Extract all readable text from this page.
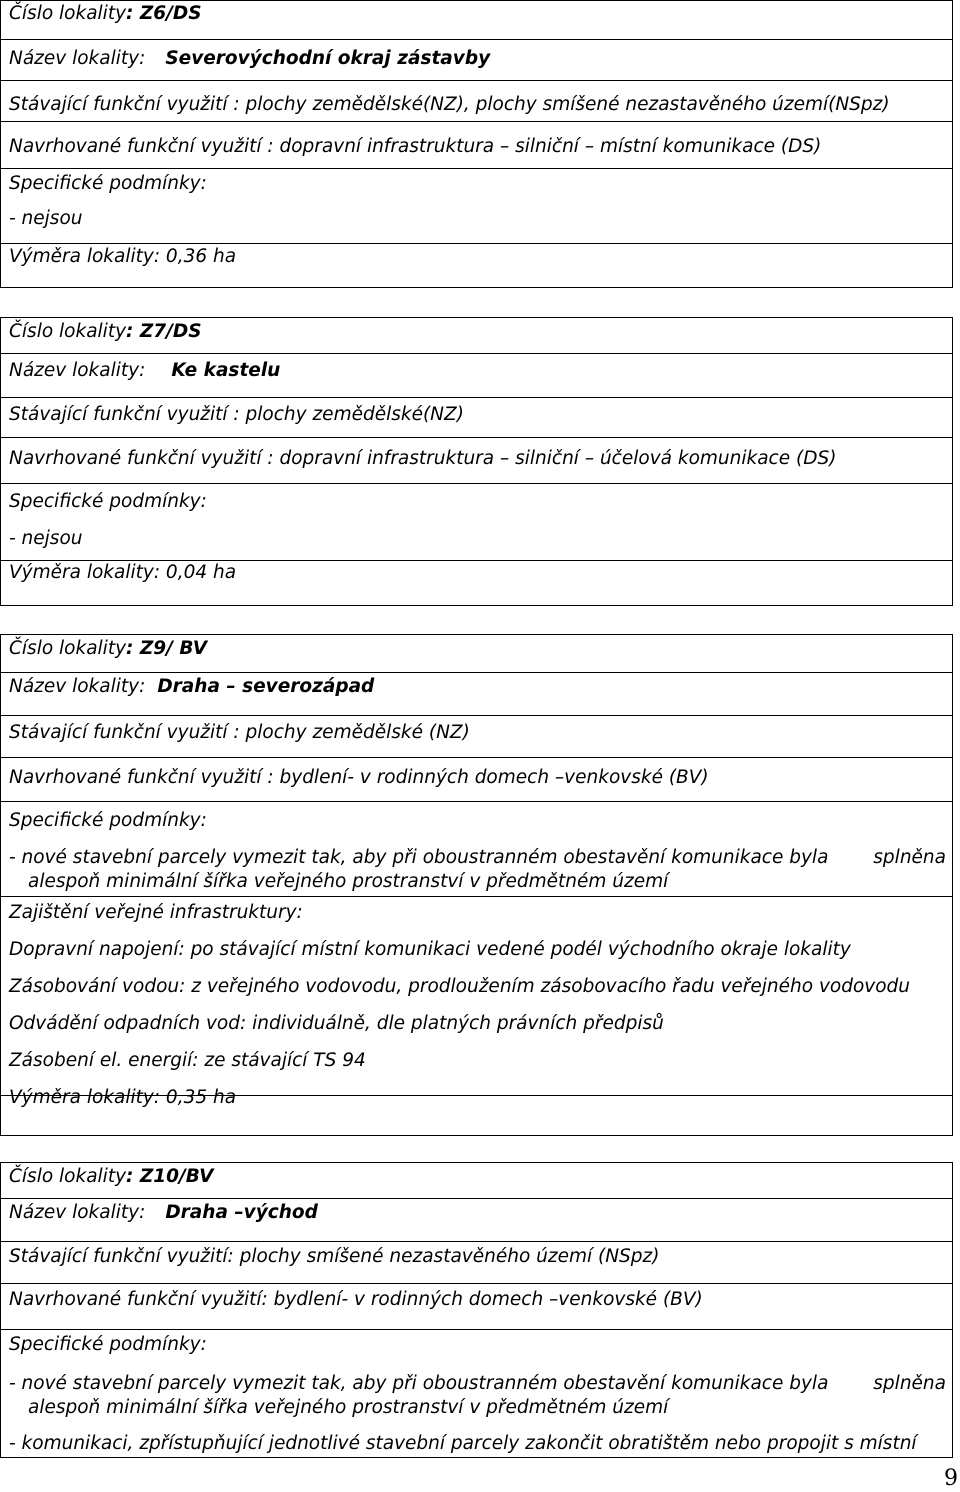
Číslo lokality: Z6/DS
Název lokality: Severovýchodní okraj zástavby
Stávající funkční využití : plochy zemědělské(NZ), plochy smíšené nezastavěného území(NSpz)
Navrhované funkční využití : dopravní infrastruktura – silniční – místní komunikace (DS)
Specifické podmínky:
- nejsou
Výměra lokality: 0,36 ha
Číslo lokality: Z7/DS
Název lokality: Ke kastelu
Stávající funkční využití : plochy zemědělské(NZ)
Navrhované funkční využití : dopravní infrastruktura – silniční – účelová komunikace (DS)
Specifické podmínky:
- nejsou
Výměra lokality: 0,04 ha
Číslo lokality: Z9/ BV
Název lokality: Draha – severozápad
Stávající funkční využití : plochy zemědělské (NZ)
Navrhované funkční využití : bydlení- v rodinných domech –venkovské (BV)
Specifické podmínky:
- nové stavební parcely vymezit tak, aby při oboustranném obestavění komunikace byla splněna
alespoň minimální šířka veřejného prostranství v předmětném území
Zajištění veřejné infrastruktury:
Dopravní napojení: po stávající místní komunikaci vedené podél východního okraje lokality
Zásobování vodou: z veřejného vodovodu, prodloužením zásobovacího řadu veřejného vodovodu
Odvádění odpadních vod: individuálně, dle platných právních předpisů
Zásobení el. energií: ze stávající TS 94
Výměra lokality: 0,35 ha
Číslo lokality: Z10/BV
Název lokality: Draha –východ
Stávající funkční využití: plochy smíšené nezastavěného území (NSpz)
Navrhované funkční využití: bydlení- v rodinných domech –venkovské (BV)
Specifické podmínky:
- nové stavební parcely vymezit tak, aby při oboustranném obestavění komunikace byla splněna
alespoň minimální šířka veřejného prostranství v předmětném území
- komunikaci, zpřístupňující jednotlivé stavební parcely zakončit obratištěm nebo propojit s místní
9
